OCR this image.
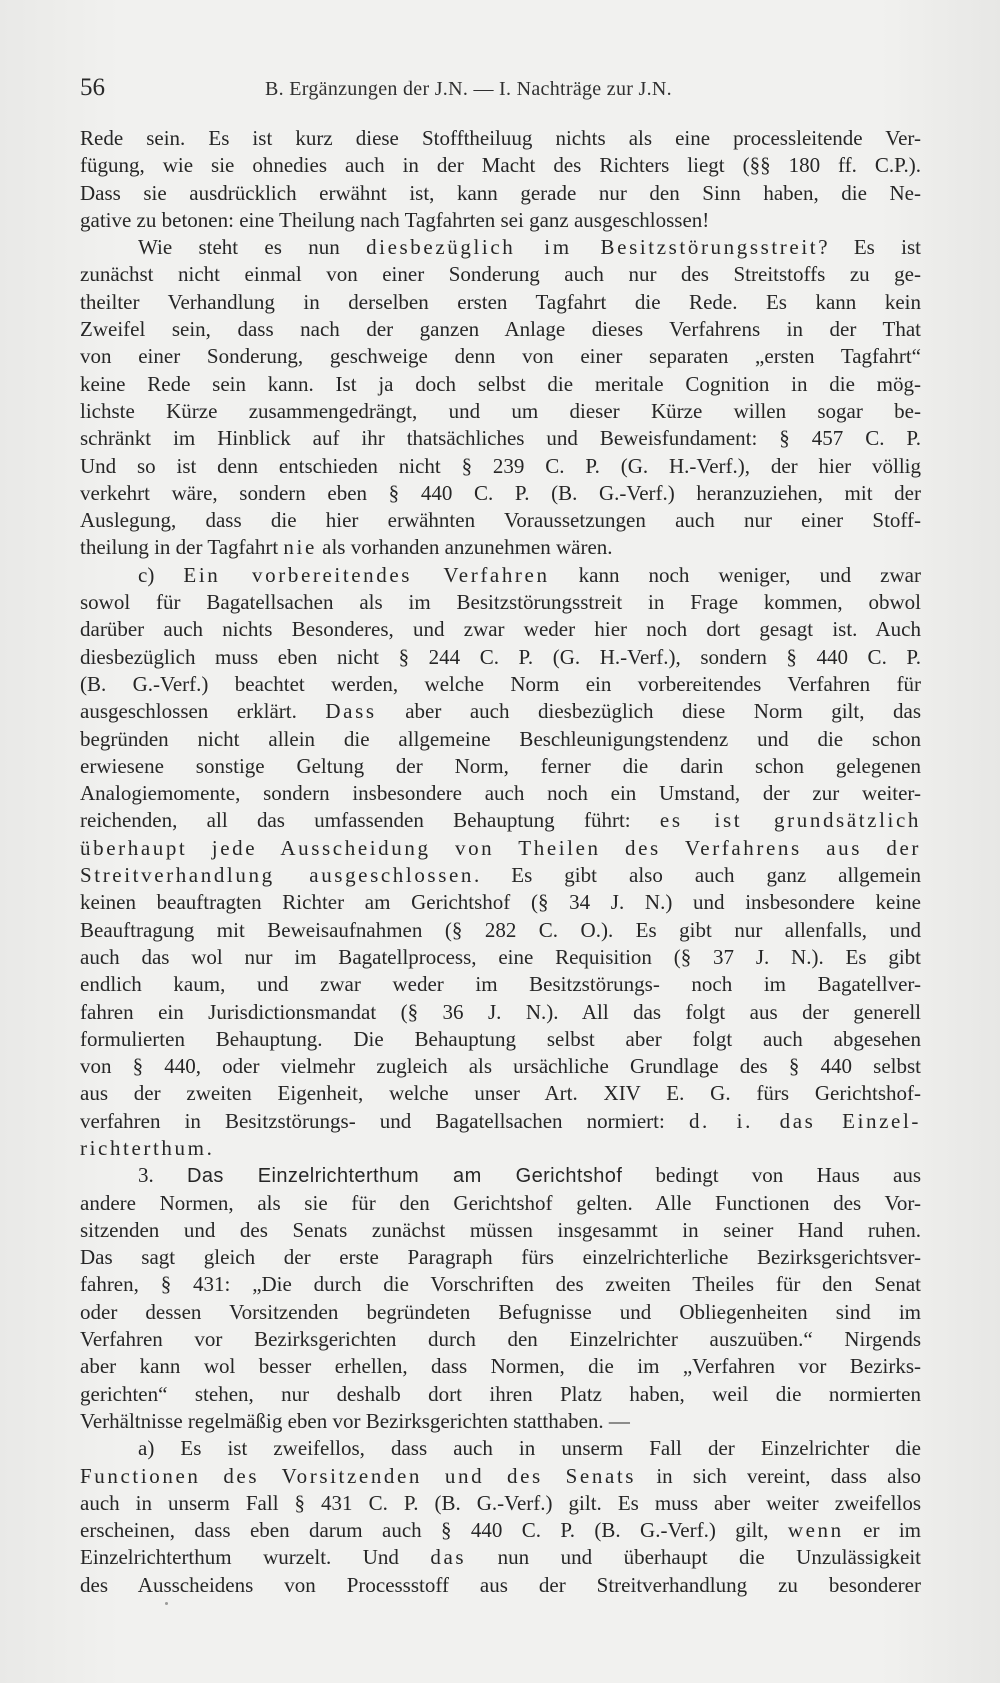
56	B. Ergänzungen der J.N. — I. Nachträge zur J.N.
Rede sein. Es ist kurz diese Stofftheiluug nichts als eine processleitende Ver-
fügung, wie sie ohnedies auch in der Macht des Richters liegt (§§ 180 ff. C.P.).
Dass sie ausdrücklich erwähnt ist, kann gerade nur den Sinn haben, die Ne-
gative zu betonen: eine Theilung nach Tagfahrten sei ganz ausgeschlossen!
Wie steht es nun diesbezüglich im Besitzstörungsstreit? Es ist
zunächst nicht einmal von einer Sonderung auch nur des Streitstoffs zu ge-
theilter Verhandlung in derselben ersten Tagfahrt die Rede. Es kann kein
Zweifel sein, dass nach der ganzen Anlage dieses Verfahrens in der That
von einer Sonderung, geschweige denn von einer separaten „ersten Tagfahrt“
keine Rede sein kann. Ist ja doch selbst die meritale Cognition in die mög-
lichste Kürze zusammengedrängt, und um dieser Kürze willen sogar be-
schränkt im Hinblick auf ihr thatsächliches und Beweisfundament: § 457 C. P.
Und so ist denn entschieden nicht § 239 C. P. (G. H.-Verf.), der hier völlig
verkehrt wäre, sondern eben § 440 C. P. (B. G.-Verf.) heranzuziehen, mit der
Auslegung, dass die hier erwähnten Voraussetzungen auch nur einer Stoff-
theilung in der Tagfahrt nie als vorhanden anzunehmen wären.
c) Ein vorbereitendes Verfahren kann noch weniger, und zwar
sowol für Bagatellsachen als im Besitzstörungsstreit in Frage kommen, obwol
darüber auch nichts Besonderes, und zwar weder hier noch dort gesagt ist. Auch
diesbezüglich muss eben nicht § 244 C. P. (G. H.-Verf.), sondern § 440 C. P.
(B. G.-Verf.) beachtet werden, welche Norm ein vorbereitendes Verfahren für
ausgeschlossen erklärt. Dass aber auch diesbezüglich diese Norm gilt, das
begründen nicht allein die allgemeine Beschleunigungstendenz und die schon
erwiesene sonstige Geltung der Norm, ferner die darin schon gelegenen
Analogiemomente, sondern insbesondere auch noch ein Umstand, der zur weiter-
reichenden, all das umfassenden Behauptung führt: es ist grundsätzlich
überhaupt jede Ausscheidung von Theilen des Verfahrens aus der
Streitverhandlung ausgeschlossen. Es gibt also auch ganz allgemein
keinen beauftragten Richter am Gerichtshof (§ 34 J. N.) und insbesondere keine
Beauftragung mit Beweisaufnahmen (§ 282 C. O.). Es gibt nur allenfalls, und
auch das wol nur im Bagatellprocess, eine Requisition (§ 37 J. N.). Es gibt
endlich kaum, und zwar weder im Besitzstörungs- noch im Bagatellver-
fahren ein Jurisdictionsmandat (§ 36 J. N.). All das folgt aus der generell
formulierten Behauptung. Die Behauptung selbst aber folgt auch abgesehen
von § 440, oder vielmehr zugleich als ursächliche Grundlage des § 440 selbst
aus der zweiten Eigenheit, welche unser Art. XIV E. G. fürs Gerichtshof-
verfahren in Besitzstörungs- und Bagatellsachen normiert: d. i. das Einzel-
richterthum.
3. Das Einzelrichterthum am Gerichtshof bedingt von Haus aus
andere Normen, als sie für den Gerichtshof gelten. Alle Functionen des Vor-
sitzenden und des Senats zunächst müssen insgesammt in seiner Hand ruhen.
Das sagt gleich der erste Paragraph fürs einzelrichterliche Bezirksgerichtsver-
fahren, § 431: „Die durch die Vorschriften des zweiten Theiles für den Senat
oder dessen Vorsitzenden begründeten Befugnisse und Obliegenheiten sind im
Verfahren vor Bezirksgerichten durch den Einzelrichter auszuüben.“ Nirgends
aber kann wol besser erhellen, dass Normen, die im „Verfahren vor Bezirks-
gerichten“ stehen, nur deshalb dort ihren Platz haben, weil die normierten
Verhältnisse regelmäßig eben vor Bezirksgerichten statthaben. —
a) Es ist zweifellos, dass auch in unserm Fall der Einzelrichter die
Functionen des Vorsitzenden und des Senats in sich vereint, dass also
auch in unserm Fall § 431 C. P. (B. G.-Verf.) gilt. Es muss aber weiter zweifellos
erscheinen, dass eben darum auch § 440 C. P. (B. G.-Verf.) gilt, wenn er im
Einzelrichterthum wurzelt. Und das nun und überhaupt die Unzulässigkeit
des Ausscheidens von Processstoff aus der Streitverhandlung zu besonderer
